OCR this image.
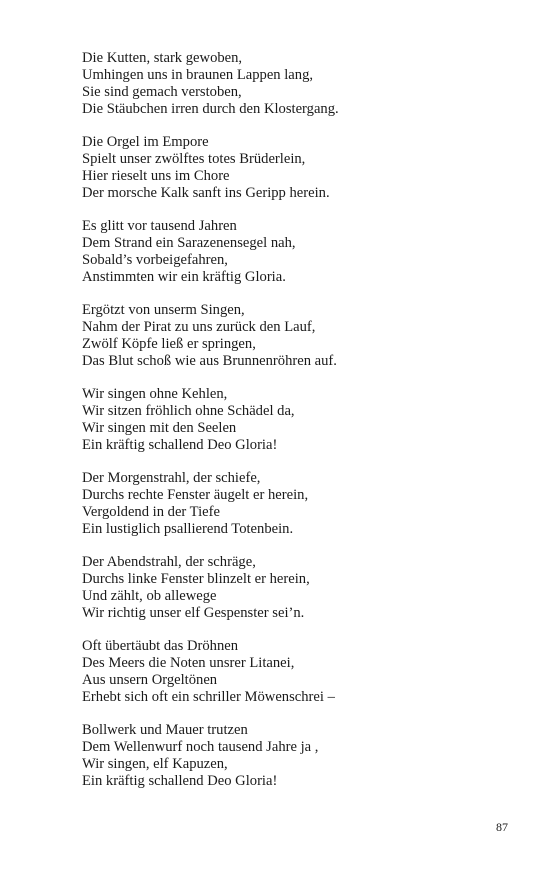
Die Kutten, stark gewoben,
Umhingen uns in braunen Lappen lang,
Sie sind gemach verstoben,
Die Stäubchen irren durch den Klostergang.
Die Orgel im Empore
Spielt unser zwölftes totes Brüderlein,
Hier rieselt uns im Chore
Der morsche Kalk sanft ins Geripp herein.
Es glitt vor tausend Jahren
Dem Strand ein Sarazenensegel nah,
Sobald’s vorbeigefahren,
Anstimmten wir ein kräftig Gloria.
Ergötzt von unserm Singen,
Nahm der Pirat zu uns zurück den Lauf,
Zwölf Köpfe ließ er springen,
Das Blut schoß wie aus Brunnenröhren auf.
Wir singen ohne Kehlen,
Wir sitzen fröhlich ohne Schädel da,
Wir singen mit den Seelen
Ein kräftig schallend Deo Gloria!
Der Morgenstrahl, der schiefe,
Durchs rechte Fenster äugelt er herein,
Vergoldend in der Tiefe
Ein lustiglich psallierend Totenbein.
Der Abendstrahl, der schräge,
Durchs linke Fenster blinzelt er herein,
Und zählt, ob allewege
Wir richtig unser elf Gespenster sei’n.
Oft übertäubt das Dröhnen
Des Meers die Noten unsrer Litanei,
Aus unsern Orgeltönen
Erhebt sich oft ein schriller Möwenschrei –
Bollwerk und Mauer trutzen
Dem Wellenwurf noch tausend Jahre ja ,
Wir singen, elf Kapuzen,
Ein kräftig schallend Deo Gloria!
87
